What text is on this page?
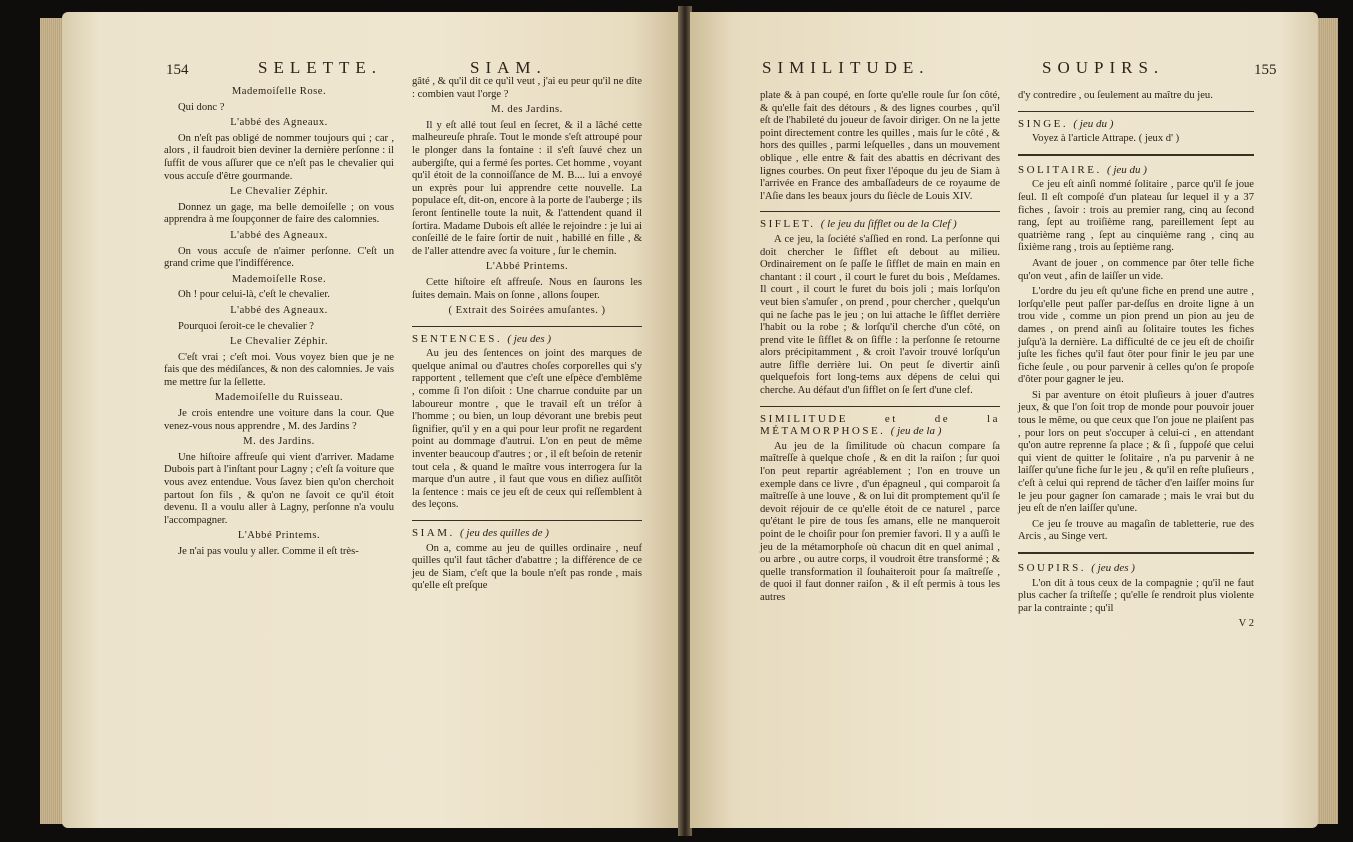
154	SELETTE.	SIAM.

Mademoiſelle Rose.

Qui donc ?

L'abbé des Agneaux.

On n'eſt pas obligé de nommer toujours qui ; car , alors , il faudroit bien deviner la dernière perſonne : il ſuffit de vous aſſurer que ce n'eſt pas le chevalier qui vous accuſe d'être gourmande.

Le Chevalier Zéphir.

Donnez un gage, ma belle demoiſelle ; on vous apprendra à me ſoupçonner de faire des calomnies.

L'abbé des Agneaux.

On vous accuſe de n'aimer perſonne. C'eſt un grand crime que l'indifférence.

Mademoiſelle Rose.

Oh ! pour celui-là, c'eſt le chevalier.

L'abbé des Agneaux.

Pourquoi ſeroit-ce le chevalier ?

Le Chevalier Zéphir.

C'eſt vrai ; c'eſt moi. Vous voyez bien que je ne fais que des médiſances, & non des calomnies. Je vais me mettre ſur la ſellette.

Mademoiſelle du Ruisseau.

Je crois entendre une voiture dans la cour. Que venez-vous nous apprendre , M. des Jardins ?

M. des Jardins.

Une hiſtoire affreuſe qui vient d'arriver. Madame Dubois part à l'inſtant pour Lagny ; c'eſt ſa voiture que vous avez entendue. Vous ſavez bien qu'on cherchoit partout ſon fils , & qu'on ne ſavoit ce qu'il étoit devenu. Il a voulu aller à Lagny, perſonne n'a voulu l'accompagner.

L'Abbé Printems.

Je n'ai pas voulu y aller. Comme il eſt très-

gâté , & qu'il dit ce qu'il veut , j'ai eu peur qu'il ne dîte : combien vaut l'orge ?

M. des Jardins.

Il y eſt allé tout ſeul en ſecret, & il a lâché cette malheureuſe phraſe. Tout le monde s'eſt attroupé pour le plonger dans la fontaine : il s'eſt ſauvé chez un aubergiſte, qui a fermé ſes portes. Cet homme , voyant qu'il étoit de la connoiſſance de M. B.... lui a envoyé un exprès pour lui apprendre cette nouvelle. La populace eſt, dit-on, encore à la porte de l'auberge ; ils ſeront ſentinelle toute la nuit, & l'attendent quand il ſortira. Madame Dubois eſt allée le rejoindre : je lui ai conſeillé de le faire ſortir de nuit , habillé en fille , & de l'aller attendre avec ſa voiture , ſur le chemin.

L'Abbé Printems.

Cette hiſtoire eſt affreuſe. Nous en ſaurons les ſuites demain. Mais on ſonne , allons ſouper.

( Extrait des Soirées amuſantes. )

SENTENCES. ( jeu des )

Au jeu des ſentences on joint des marques de quelque animal ou d'autres choſes corporelles qui s'y rapportent , tellement que c'eſt une eſpèce d'emblême , comme ſi l'on diſoit : Une charrue conduite par un laboureur montre , que le travail eſt un tréſor à l'homme ; ou bien, un loup dévorant une brebis peut ſignifier, qu'il y en a qui pour leur profit ne regardent point au dommage d'autrui. L'on en peut de même inventer beaucoup d'autres ; or , il eſt beſoin de retenir tout cela , & quand le maître vous interrogera ſur la marque d'un autre , il faut que vous en diſiez auſſitôt la ſentence : mais ce jeu eſt de ceux qui reſſemblent à des leçons.

SIAM. ( jeu des quilles de )

On a, comme au jeu de quilles ordinaire , neuf quilles qu'il faut tâcher d'abattre ; la différence de ce jeu de Siam, c'eſt que la boule n'eſt pas ronde , mais qu'elle eſt preſque

SIMILITUDE.	SOUPIRS.	155

plate & à pan coupé, en ſorte qu'elle roule ſur ſon côté, & qu'elle fait des détours , & des lignes courbes , qu'il eſt de l'habileté du joueur de ſavoir diriger. On ne la jette point directement contre les quilles , mais ſur le côté , & hors des quilles , parmi leſquelles , dans un mouvement oblique , elle entre & fait des abattis en décrivant des lignes courbes. On peut fixer l'époque du jeu de Siam à l'arrivée en France des ambaſſadeurs de ce royaume de l'Aſie dans les beaux jours du ſiècle de Louis XIV.

SIFLET. ( le jeu du ſifflet ou de la Clef )

A ce jeu, la ſociété s'aſſied en rond. La perſonne qui doit chercher le ſifflet eſt debout au milieu. Ordinairement on ſe paſſe le ſifflet de main en main en chantant : il court , il court le furet du bois , Meſdames. Il court , il court le furet du bois joli ; mais lorſqu'on veut bien s'amuſer , on prend , pour chercher , quelqu'un qui ne ſache pas le jeu ; on lui attache le ſifflet derrière l'habit ou la robe ; & lorſqu'il cherche d'un côté, on prend vite le ſifflet & on ſiffle : la perſonne ſe retourne alors précipitamment , & croit l'avoir trouvé lorſqu'un autre ſiffle derrière lui. On peut ſe divertir ainſi quelquefois fort long-tems aux dépens de celui qui cherche. Au défaut d'un ſifflet on ſe ſert d'une clef.

SIMILITUDE et de la MÉTAMORPHOSE. ( jeu de la )

Au jeu de la ſimilitude où chacun compare ſa maîtreſſe à quelque choſe , & en dit la raiſon ; ſur quoi l'on peut repartir agréablement ; l'on en trouve un exemple dans ce livre , d'un épagneul , qui comparoit ſa maîtreſſe à une louve , & on lui dit promptement qu'il ſe devoit réjouir de ce qu'elle étoit de ce naturel , parce qu'étant le pire de tous ſes amans, elle ne manqueroit point de le choiſir pour ſon premier favori. Il y a auſſi le jeu de la métamorphoſe où chacun dit en quel animal , ou arbre , ou autre corps, il voudroit être transformé ; & quelle transformation il ſouhaiteroit pour ſa maîtreſſe , de quoi il faut donner raiſon , & il eſt permis à tous les autres

d'y contredire , ou ſeulement au maître du jeu.

SINGE. ( jeu du )

Voyez à l'article Attrape. ( jeux d' )

SOLITAIRE. ( jeu du )

Ce jeu eſt ainſi nommé ſolitaire , parce qu'il ſe joue ſeul. Il eſt compoſé d'un plateau ſur lequel il y a 37 fiches , ſavoir : trois au premier rang, cinq au ſecond rang, ſept au troiſième rang, pareillement ſept au quatrième rang , ſept au cinquième rang , cinq au ſixième rang , trois au ſeptième rang.

Avant de jouer , on commence par ôter telle fiche qu'on veut , afin de laiſſer un vide.

L'ordre du jeu eſt qu'une fiche en prend une autre , lorſqu'elle peut paſſer par-deſſus en droite ligne à un trou vide , comme un pion prend un pion au jeu de dames , on prend ainſi au ſolitaire toutes les fiches juſqu'à la dernière. La difficulté de ce jeu eſt de choiſir juſte les fiches qu'il faut ôter pour finir le jeu par une fiche ſeule , ou pour parvenir à celles qu'on ſe propoſe d'ôter pour gagner le jeu.

Si par aventure on étoit pluſieurs à jouer d'autres jeux, & que l'on ſoit trop de monde pour pouvoir jouer tous le même, ou que ceux que l'on joue ne plaiſent pas , pour lors on peut s'occuper à celui-ci , en attendant qu'on autre reprenne ſa place ; & ſi , ſuppoſé que celui qui vient de quitter le ſolitaire , n'a pu parvenir à ne laiſſer qu'une fiche ſur le jeu , & qu'il en reſte pluſieurs , c'eſt à celui qui reprend de tâcher d'en laiſſer moins ſur le jeu pour gagner ſon camarade ; mais le vrai but du jeu eſt de n'en laiſſer qu'une.

Ce jeu ſe trouve au magaſin de tabletterie, rue des Arcis , au Singe vert.

SOUPIRS. ( jeu des )

L'on dit à tous ceux de la compagnie ; qu'il ne faut plus cacher ſa triſteſſe ; qu'elle ſe rendroit plus violente par la contrainte ; qu'il

V 2
